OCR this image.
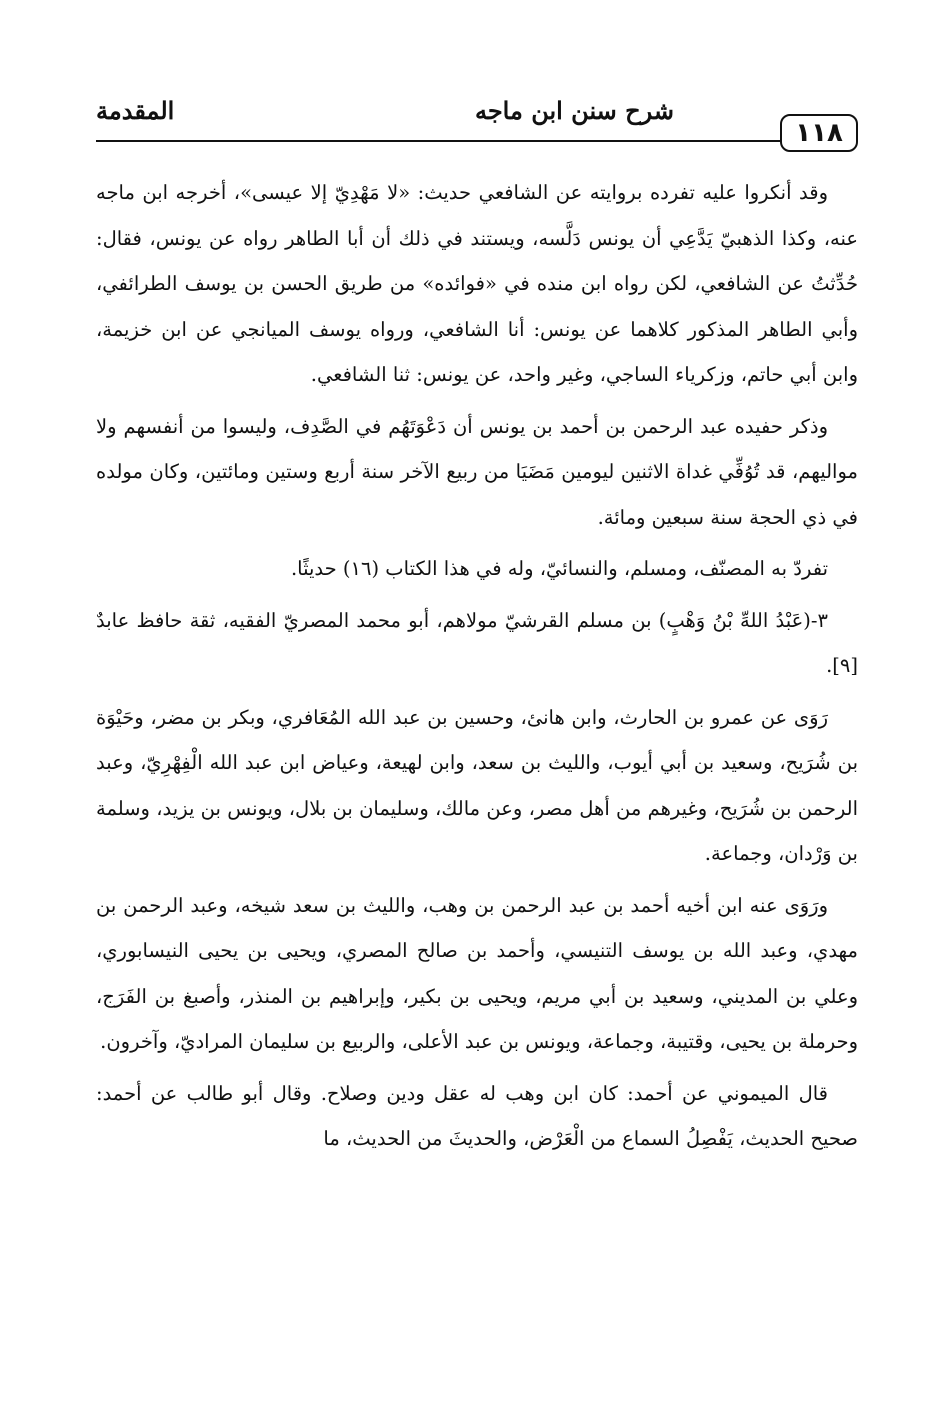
١١٨
شرح سنن ابن ماجه
المقدمة

وقد أنكروا عليه تفرده بروايته عن الشافعي حديث: «لا مَهْدِيّ إلا عيسى»، أخرجه ابن ماجه عنه، وكذا الذهبيّ يَدَّعِي أن يونس دَلَّسه، ويستند في ذلك أن أبا الطاهر رواه عن يونس، فقال: حُدِّثتُ عن الشافعي، لكن رواه ابن منده في «فوائده» من طريق الحسن بن يوسف الطرائفي، وأبي الطاهر المذكور كلاهما عن يونس: أنا الشافعي، ورواه يوسف الميانجي عن ابن خزيمة، وابن أبي حاتم، وزكرياء الساجي، وغير واحد، عن يونس: ثنا الشافعي.

وذكر حفيده عبد الرحمن بن أحمد بن يونس أن دَعْوَتَهُم في الصَّدِف، وليسوا من أنفسهم ولا مواليهم، قد تُوُفِّي غداة الاثنين ليومين مَضَيَا من ربيع الآخر سنة أربع وستين ومائتين، وكان مولده في ذي الحجة سنة سبعين ومائة.

تفردّ به المصنّف، ومسلم، والنسائيّ، وله في هذا الكتاب (١٦) حديثًا.

٣-(عَبْدُ اللهِّ بْنُ وَهْبٍ) بن مسلم القرشيّ مولاهم، أبو محمد المصريّ الفقيه، ثقة حافظ عابدٌ [٩].

رَوَى عن عمرو بن الحارث، وابن هانئ، وحسين بن عبد الله المُعَافري، وبكر بن مضر، وحَيْوَة بن شُرَيح، وسعيد بن أبي أيوب، والليث بن سعد، وابن لهيعة، وعياض ابن عبد الله الْفِهْرِيّ، وعبد الرحمن بن شُرَيح، وغيرهم من أهل مصر، وعن مالك، وسليمان بن بلال، ويونس بن يزيد، وسلمة بن وَرْدان، وجماعة.

ورَوَى عنه ابن أخيه أحمد بن عبد الرحمن بن وهب، والليث بن سعد شيخه، وعبد الرحمن بن مهدي، وعبد الله بن يوسف التنيسي، وأحمد بن صالح المصري، ويحيى بن يحيى النيسابوري، وعلي بن المديني، وسعيد بن أبي مريم، ويحيى بن بكير، وإبراهيم بن المنذر، وأصبغ بن الفَرَج، وحرملة بن يحيى، وقتيبة، وجماعة، ويونس بن عبد الأعلى، والربيع بن سليمان المراديّ، وآخرون.

قال الميموني عن أحمد: كان ابن وهب له عقل ودين وصلاح. وقال أبو طالب عن أحمد: صحيح الحديث، يَفْصِلُ السماع من الْعَرْض، والحديثَ من الحديث، ما
